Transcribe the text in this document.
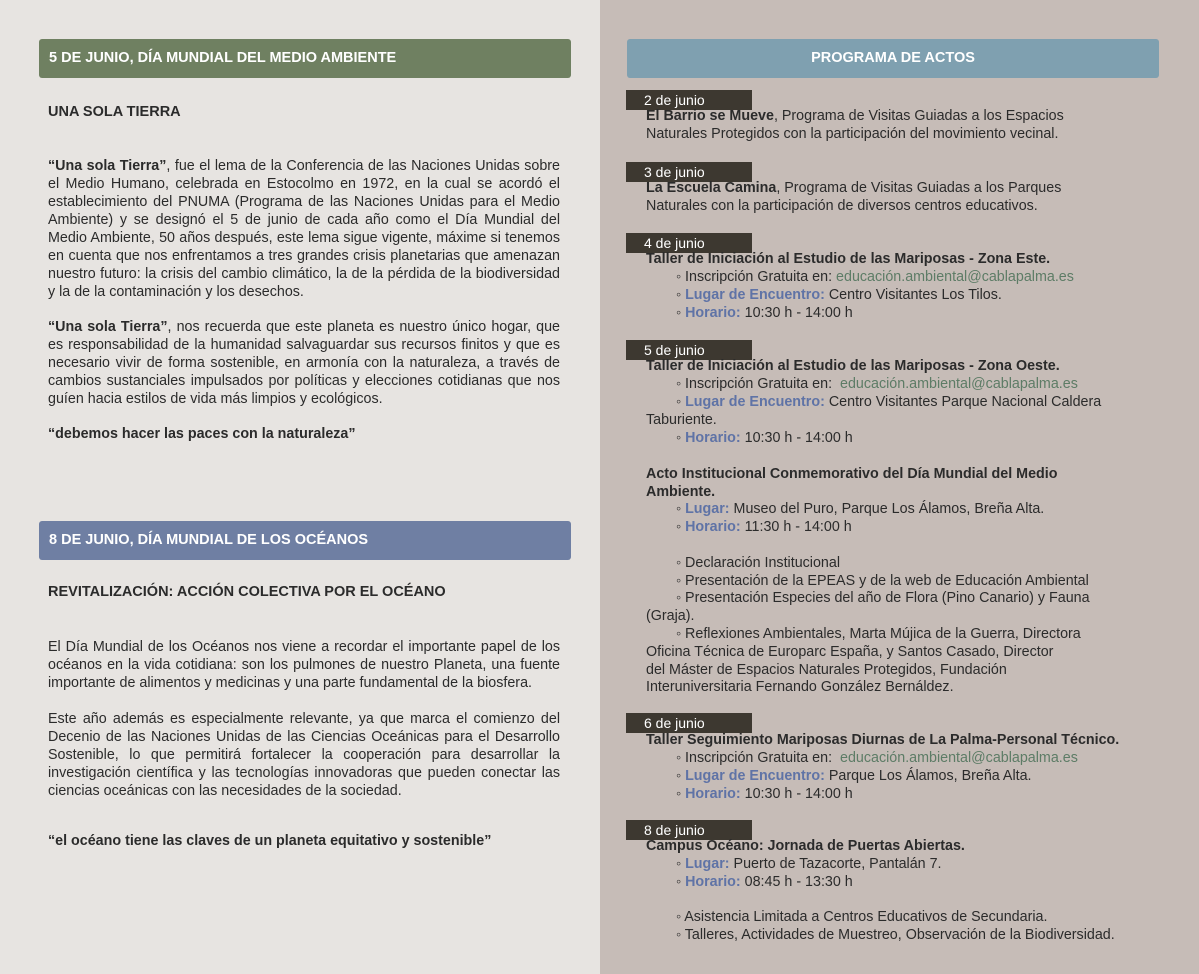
5 DE JUNIO, DÍA MUNDIAL DEL MEDIO AMBIENTE
UNA SOLA TIERRA
“Una sola Tierra”, fue el lema de la Conferencia de las Naciones Unidas sobre el Medio Humano, celebrada en Estocolmo en 1972, en la cual se acordó el establecimiento del PNUMA (Programa de las Naciones Unidas para el Medio Ambiente) y se designó el 5 de junio de cada año como el Día Mundial del Medio Ambiente, 50 años después, este lema sigue vigente, máxime si tenemos en cuenta que nos enfrentamos a tres grandes crisis planetarias que amenazan nuestro futuro: la crisis del cambio climático, la de la pérdida de la biodiversidad y la de la contaminación y los desechos.
“Una sola Tierra”, nos recuerda que este planeta es nuestro único hogar, que es responsabilidad de la humanidad salvaguardar sus recursos finitos y que es necesario vivir de forma sostenible, en armonía con la naturaleza, a través de cambios sustanciales impulsados por políticas y elecciones cotidianas que nos guíen hacia estilos de vida más limpios y ecológicos.
“debemos hacer las paces con la naturaleza”
8 DE JUNIO, DÍA MUNDIAL DE LOS OCÉANOS
REVITALIZACIÓN: ACCIÓN COLECTIVA POR EL OCÉANO
El Día Mundial de los Océanos nos viene a recordar el importante papel de los océanos en la vida cotidiana: son los pulmones de nuestro Planeta, una fuente importante de alimentos y medicinas y una parte fundamental de la biosfera.
Este año además es especialmente relevante, ya que marca el comienzo del Decenio de las Naciones Unidas de las Ciencias Oceánicas para el Desarrollo Sostenible, lo que permitirá fortalecer la cooperación para desarrollar la investigación científica y las tecnologías innovadoras que pueden conectar las ciencias oceánicas con las necesidades de la sociedad.
“el océano tiene las claves de un planeta equitativo y sostenible”
PROGRAMA DE ACTOS
2 de junio
El Barrio se Mueve, Programa de Visitas Guiadas a los Espacios
Naturales Protegidos con la participación del movimiento vecinal.
3 de junio
La Escuela Camina, Programa de Visitas Guiadas a los Parques
Naturales con la participación de diversos centros educativos.
4 de junio
Taller de Iniciación al Estudio de las Mariposas - Zona Este.
◦ Inscripción Gratuita en: educación.ambiental@cablapalma.es
◦ Lugar de Encuentro: Centro Visitantes Los Tilos.
◦ Horario: 10:30 h - 14:00 h
5 de junio
Taller de Iniciación al Estudio de las Mariposas - Zona Oeste.
◦ Inscripción Gratuita en: educación.ambiental@cablapalma.es
◦ Lugar de Encuentro: Centro Visitantes Parque Nacional Caldera
Taburiente.
◦ Horario: 10:30 h - 14:00 h
Acto Institucional Conmemorativo del Día Mundial del Medio
Ambiente.
◦ Lugar: Museo del Puro, Parque Los Álamos, Breña Alta.
◦ Horario: 11:30 h - 14:00 h
◦ Declaración Institucional
◦ Presentación de la EPEAS y de la web de Educación Ambiental
◦ Presentación Especies del año de Flora (Pino Canario) y Fauna
(Graja).
◦ Reflexiones Ambientales, Marta Mújica de la Guerra, Directora
Oficina Técnica de Europarc España, y Santos Casado, Director
del Máster de Espacios Naturales Protegidos, Fundación
Interuniversitaria Fernando González Bernáldez.
6 de junio
Taller Seguimiento Mariposas Diurnas de La Palma-Personal Técnico.
◦ Inscripción Gratuita en: educación.ambiental@cablapalma.es
◦ Lugar de Encuentro: Parque Los Álamos, Breña Alta.
◦ Horario: 10:30 h - 14:00 h
8 de junio
Campus Océano: Jornada de Puertas Abiertas.
◦ Lugar: Puerto de Tazacorte, Pantalán 7.
◦ Horario: 08:45 h - 13:30 h
◦ Asistencia Limitada a Centros Educativos de Secundaria.
◦ Talleres, Actividades de Muestreo, Observación de la Biodiversidad.
